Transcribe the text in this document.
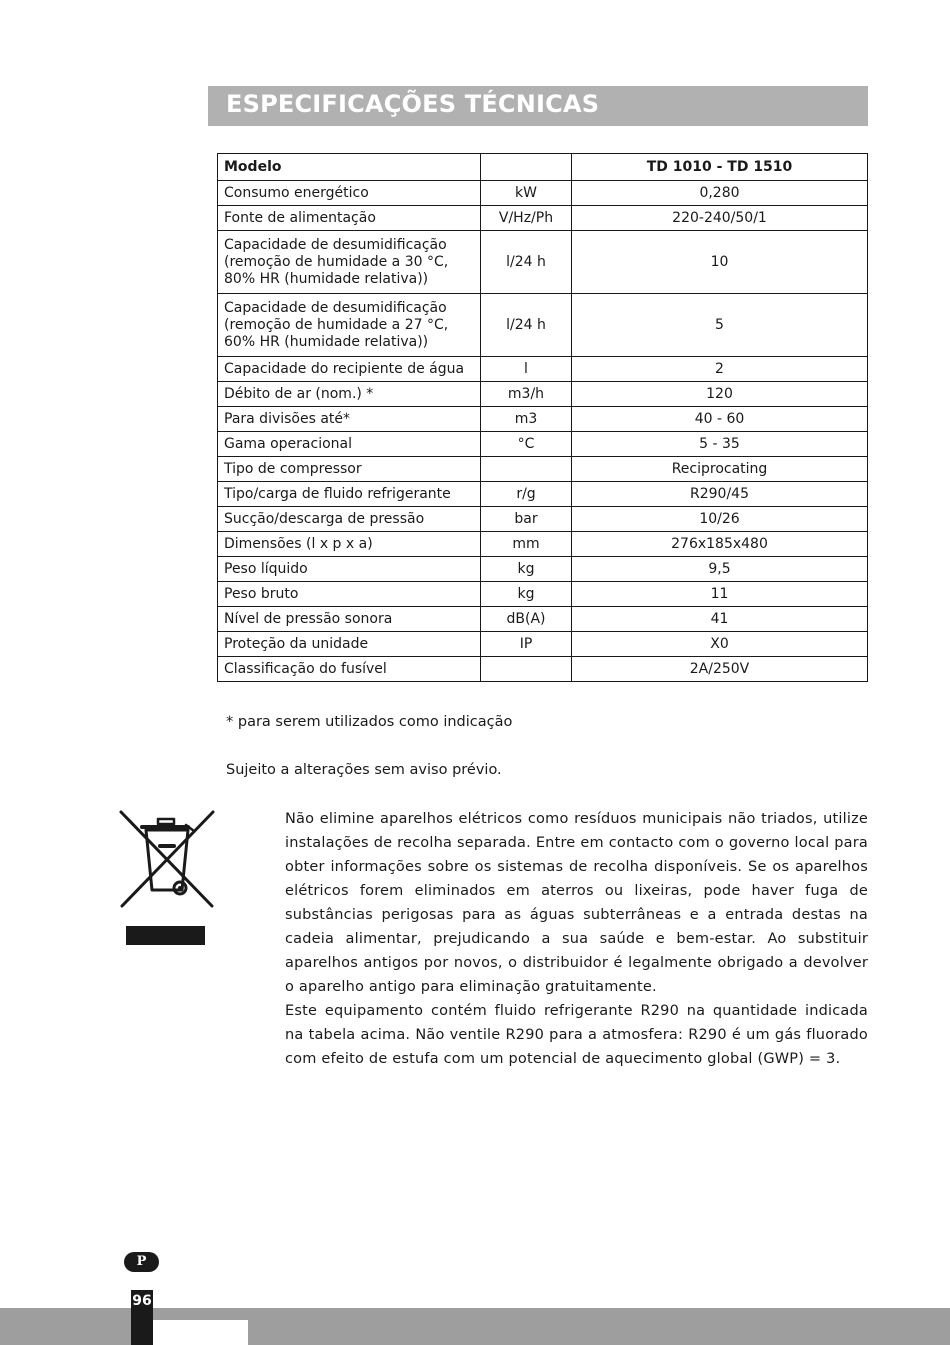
ESPECIFICAÇÕES TÉCNICAS
Modelo		TD 1010 - TD 1510
Consumo energético	kW	0,280
Fonte de alimentação	V/Hz/Ph	220-240/50/1
Capacidade de desumidificação (remoção de humidade a 30 °C, 80% HR (humidade relativa))	l/24 h	10
Capacidade de desumidificação (remoção de humidade a 27 °C, 60% HR (humidade relativa))	l/24 h	5
Capacidade do recipiente de água	l	2
Débito de ar (nom.) *	m3/h	120
Para divisões até*	m3	40 - 60
Gama operacional	°C	5 - 35
Tipo de compressor		Reciprocating
Tipo/carga de fluido refrigerante	r/g	R290/45
Sucção/descarga de pressão	bar	10/26
Dimensões (l x p x a)	mm	276x185x480
Peso líquido	kg	9,5
Peso bruto	kg	11
Nível de pressão sonora	dB(A)	41
Proteção da unidade	IP	X0
Classificação do fusível		2A/250V
* para serem utilizados como indicação
Sujeito a alterações sem aviso prévio.
Não elimine aparelhos elétricos como resíduos municipais não triados, utilize instalações de recolha separada. Entre em contacto com o governo local para obter informações sobre os sistemas de recolha disponíveis. Se os aparelhos elétricos forem eliminados em aterros ou lixeiras, pode haver fuga de substâncias perigosas para as águas subterrâneas e a entrada destas na cadeia alimentar, prejudicando a sua saúde e bem-estar. Ao substituir aparelhos antigos por novos, o distribuidor é legalmente obrigado a devolver o aparelho antigo para eliminação gratuitamente.
Este equipamento contém fluido refrigerante R290 na quantidade indicada na tabela acima. Não ventile R290 para a atmosfera: R290 é um gás fluorado com efeito de estufa com um potencial de aquecimento global (GWP) = 3.
P
96
